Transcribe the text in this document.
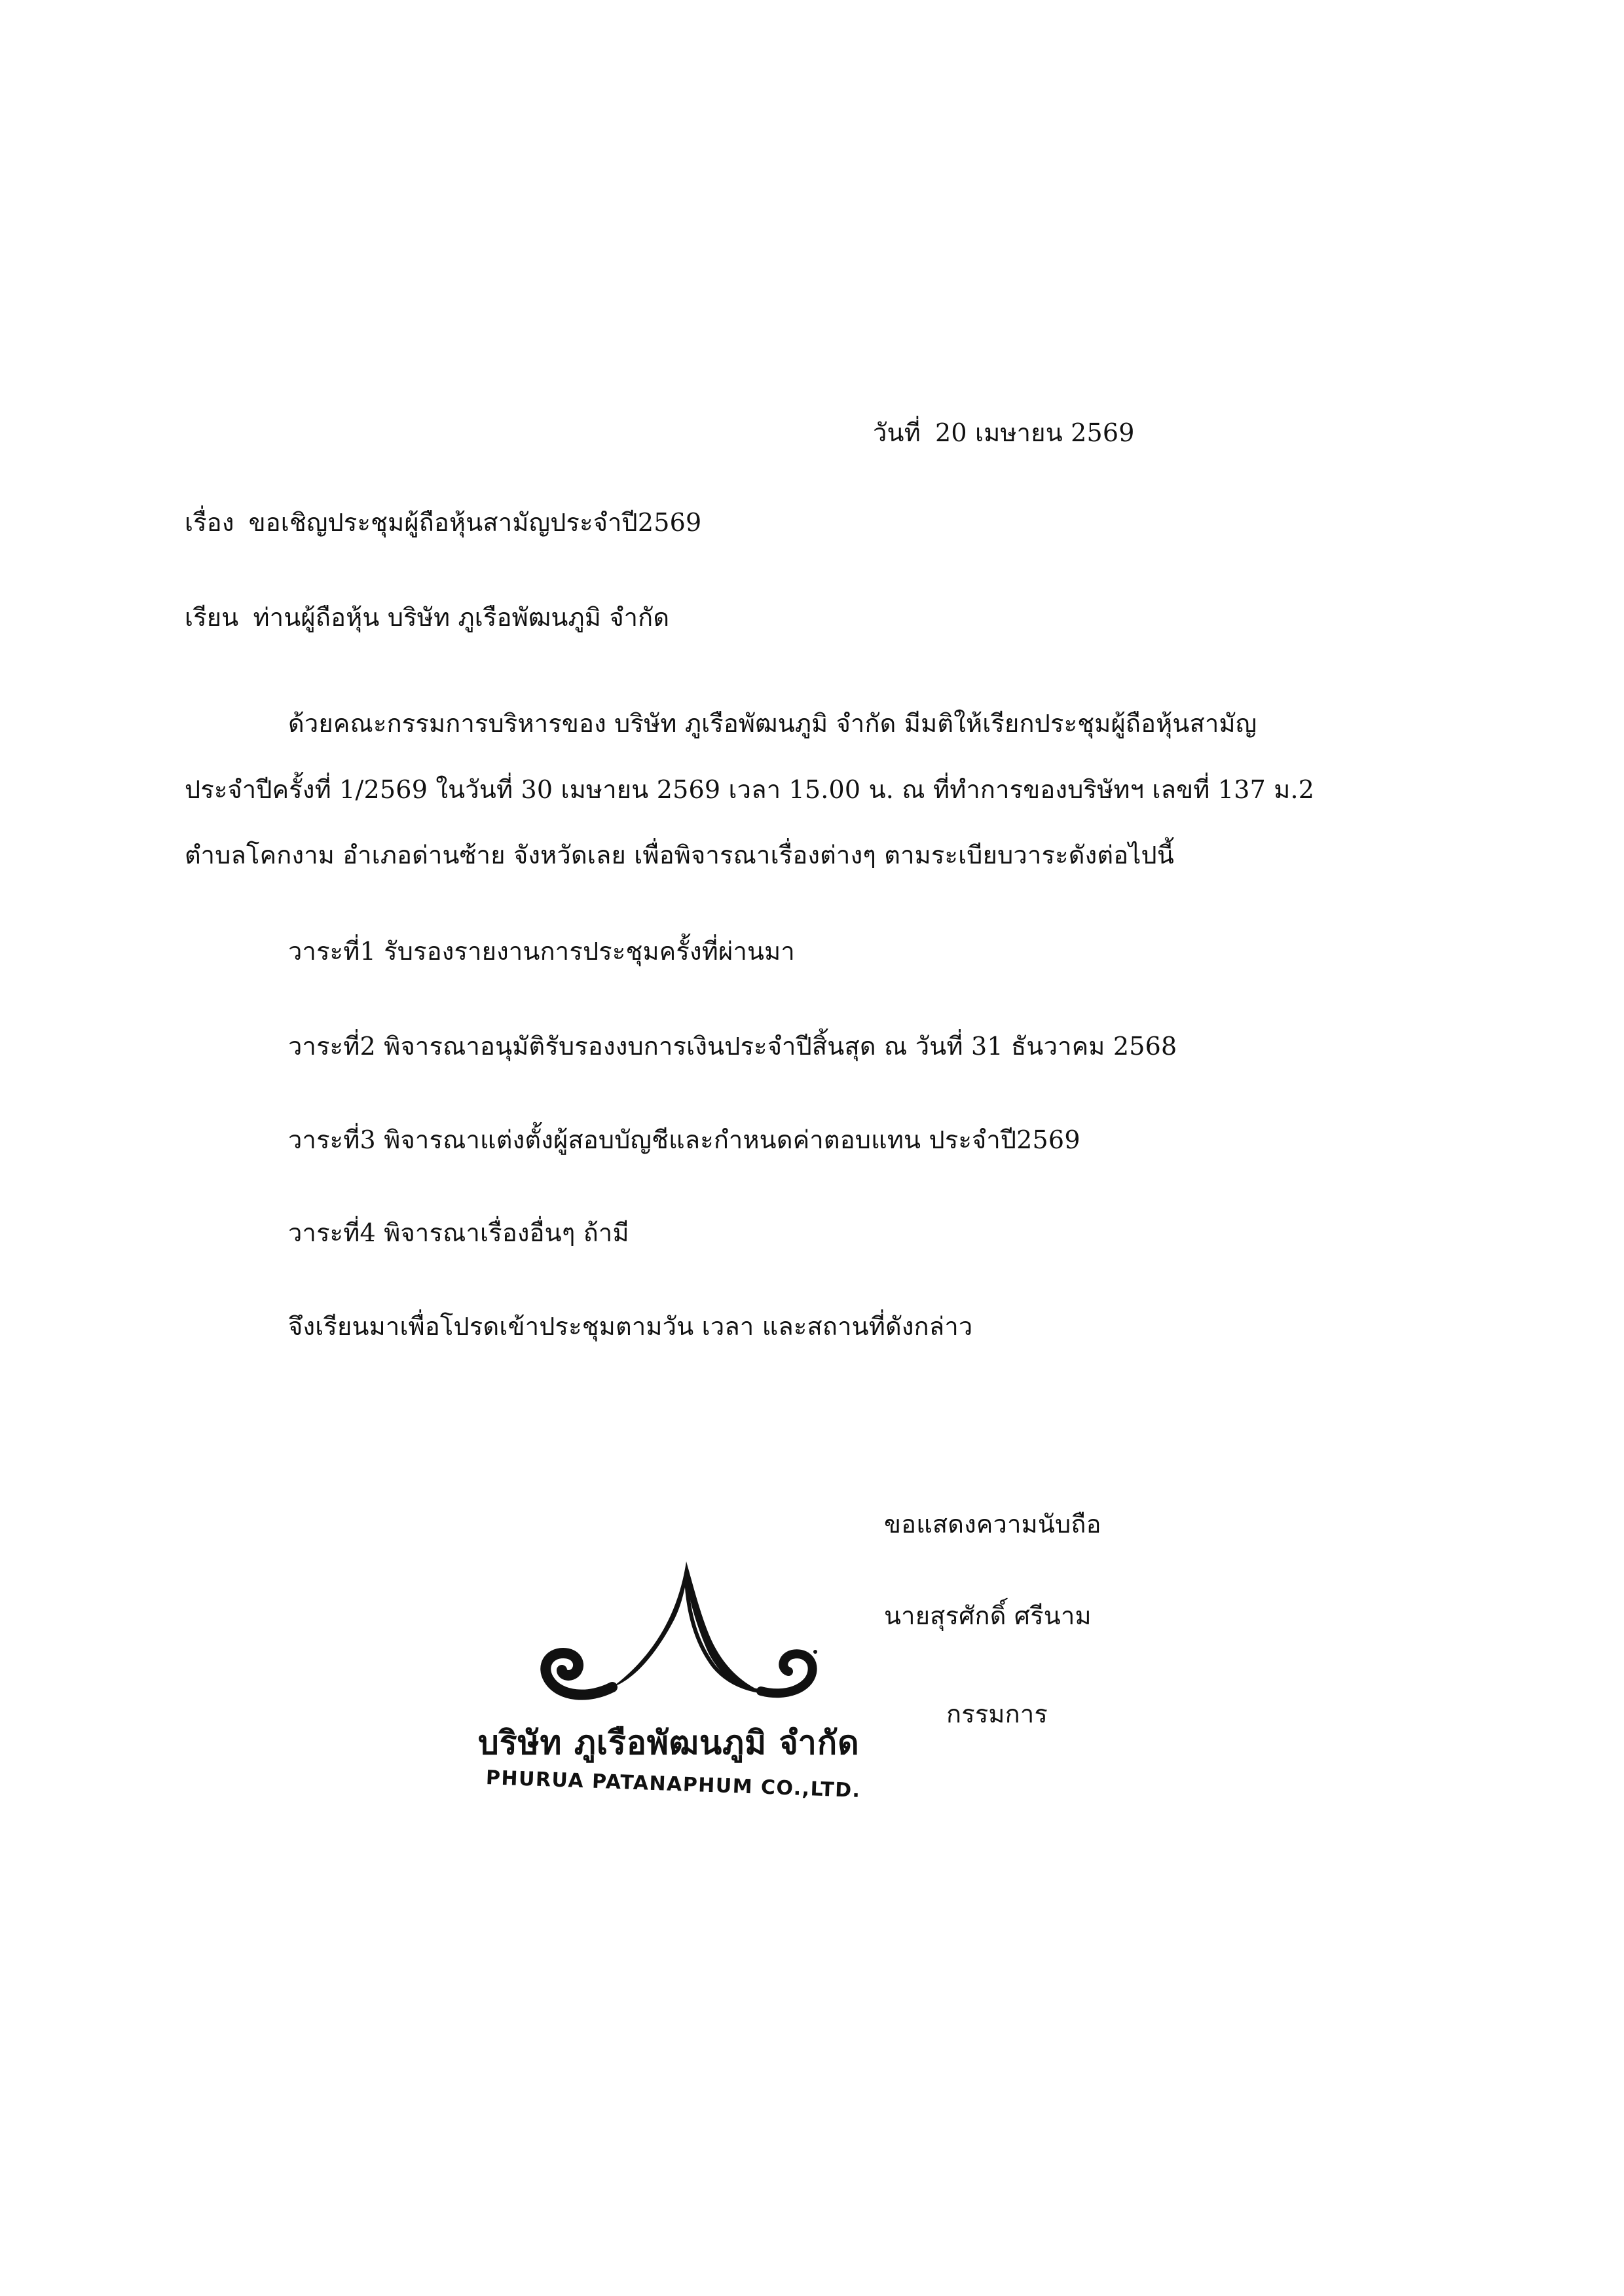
วันที่ 20 เมษายน 2569
เรื่อง ขอเชิญประชุมผู้ถือหุ้นสามัญประจำปี2569
เรียน ท่านผู้ถือหุ้น บริษัท ภูเรือพัฒนภูมิ จำกัด
ด้วยคณะกรรมการบริหารของ บริษัท ภูเรือพัฒนภูมิ จำกัด มีมติให้เรียกประชุมผู้ถือหุ้นสามัญ
ประจำปีครั้งที่ 1/2569 ในวันที่ 30 เมษายน 2569 เวลา 15.00 น. ณ ที่ทำการของบริษัทฯ เลขที่ 137 ม.2
ตำบลโคกงาม อำเภอด่านซ้าย จังหวัดเลย เพื่อพิจารณาเรื่องต่างๆ ตามระเบียบวาระดังต่อไปนี้
วาระที่1 รับรองรายงานการประชุมครั้งที่ผ่านมา
วาระที่2 พิจารณาอนุมัติรับรองงบการเงินประจำปีสิ้นสุด ณ วันที่ 31 ธันวาคม 2568
วาระที่3 พิจารณาแต่งตั้งผู้สอบบัญชีและกำหนดค่าตอบแทน ประจำปี2569
วาระที่4 พิจารณาเรื่องอื่นๆ ถ้ามี
จึงเรียนมาเพื่อโปรดเข้าประชุมตามวัน เวลา และสถานที่ดังกล่าว
ขอแสดงความนับถือ
นายสุรศักดิ์ ศรีนาม
กรรมการ
บริษัท ภูเรือพัฒนภูมิ จำกัด
PHURUA PATANAPHUM CO.,LTD.
